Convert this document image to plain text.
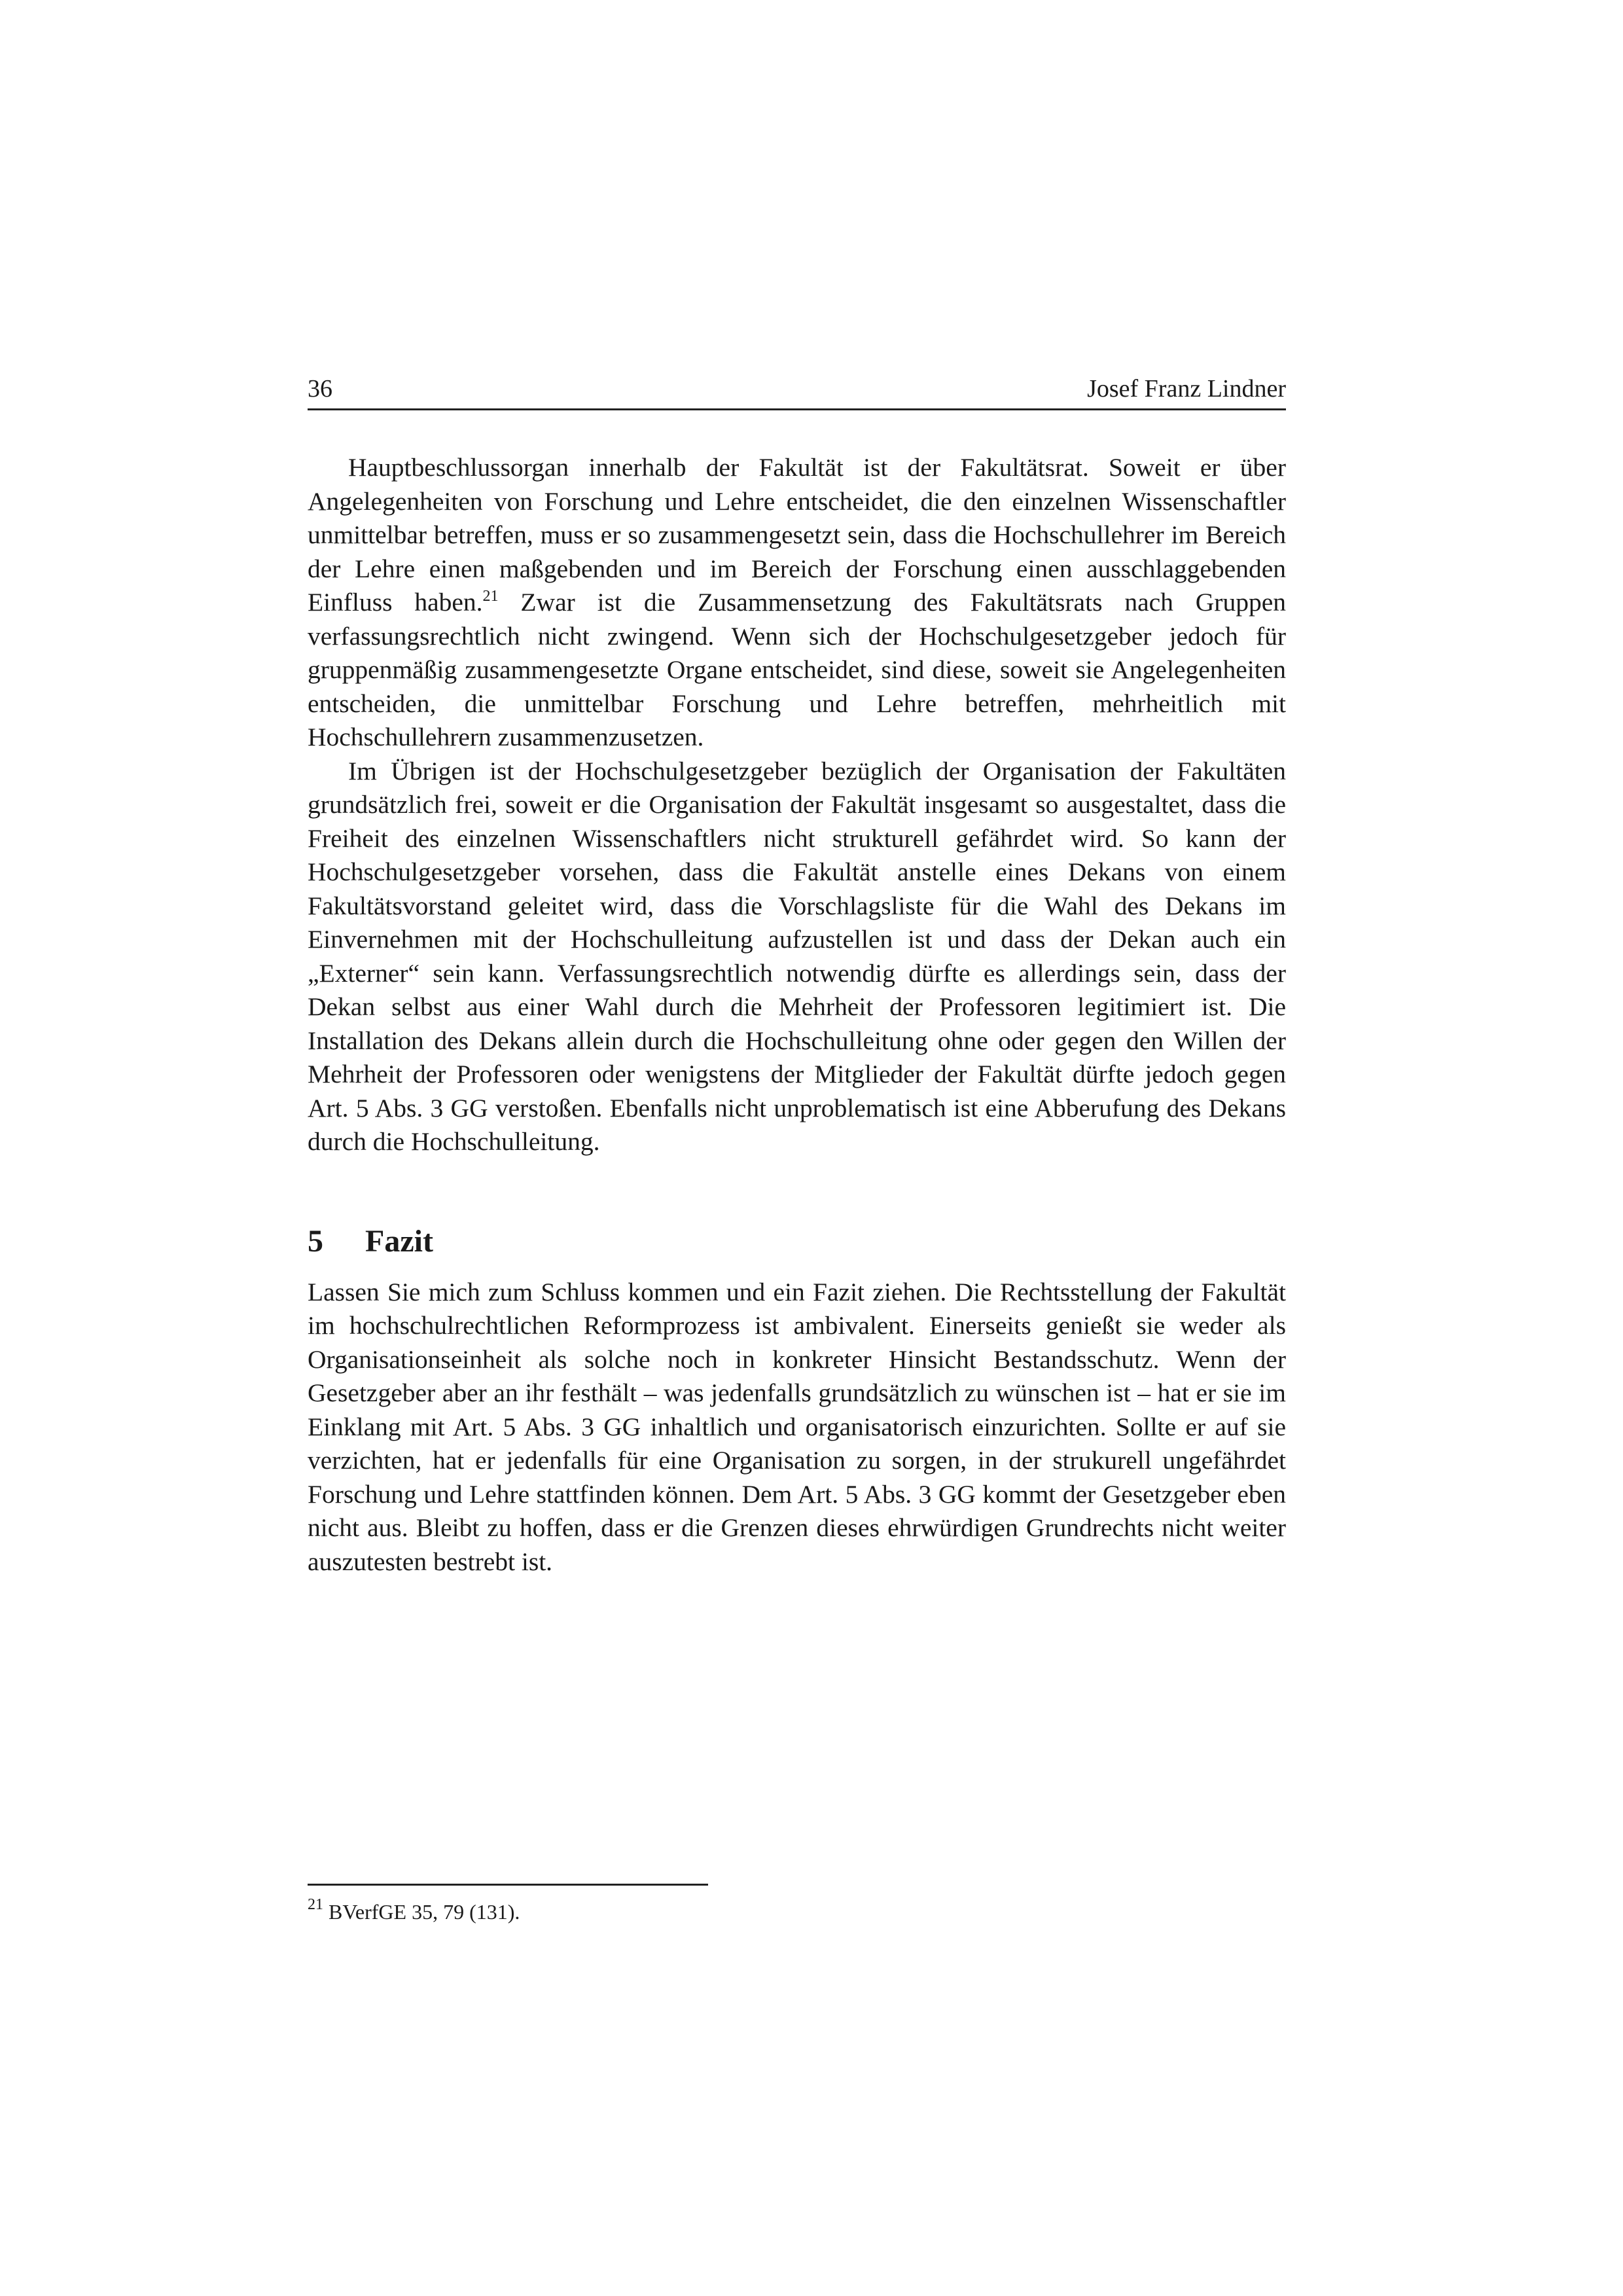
36	Josef Franz Lindner

Hauptbeschlussorgan innerhalb der Fakultät ist der Fakultätsrat. Soweit er über Angelegenheiten von Forschung und Lehre entscheidet, die den einzelnen Wissenschaftler unmittelbar betreffen, muss er so zusammengesetzt sein, dass die Hochschullehrer im Bereich der Lehre einen maßgebenden und im Bereich der Forschung einen ausschlaggebenden Einfluss haben.$^{21}$ Zwar ist die Zusammensetzung des Fakultätsrats nach Gruppen verfassungsrechtlich nicht zwingend. Wenn sich der Hochschulgesetzgeber jedoch für gruppenmäßig zusammengesetzte Organe entscheidet, sind diese, soweit sie Angelegenheiten entscheiden, die unmittelbar Forschung und Lehre betreffen, mehrheitlich mit Hochschullehrern zusammenzusetzen.

Im Übrigen ist der Hochschulgesetzgeber bezüglich der Organisation der Fakultäten grundsätzlich frei, soweit er die Organisation der Fakultät insgesamt so ausgestaltet, dass die Freiheit des einzelnen Wissenschaftlers nicht strukturell gefährdet wird. So kann der Hochschulgesetzgeber vorsehen, dass die Fakultät anstelle eines Dekans von einem Fakultätsvorstand geleitet wird, dass die Vorschlagsliste für die Wahl des Dekans im Einvernehmen mit der Hochschulleitung aufzustellen ist und dass der Dekan auch ein „Externer“ sein kann. Verfassungsrechtlich notwendig dürfte es allerdings sein, dass der Dekan selbst aus einer Wahl durch die Mehrheit der Professoren legitimiert ist. Die Installation des Dekans allein durch die Hochschulleitung ohne oder gegen den Willen der Mehrheit der Professoren oder wenigstens der Mitglieder der Fakultät dürfte jedoch gegen Art. 5 Abs. 3 GG verstoßen. Ebenfalls nicht unproblematisch ist eine Abberufung des Dekans durch die Hochschulleitung.

5	Fazit

Lassen Sie mich zum Schluss kommen und ein Fazit ziehen. Die Rechtsstellung der Fakultät im hochschulrechtlichen Reformprozess ist ambivalent. Einerseits genießt sie weder als Organisationseinheit als solche noch in konkreter Hinsicht Bestandsschutz. Wenn der Gesetzgeber aber an ihr festhält – was jedenfalls grundsätzlich zu wünschen ist – hat er sie im Einklang mit Art. 5 Abs. 3 GG inhaltlich und organisatorisch einzurichten. Sollte er auf sie verzichten, hat er jedenfalls für eine Organisation zu sorgen, in der strukurell ungefährdet Forschung und Lehre stattfinden können. Dem Art. 5 Abs. 3 GG kommt der Gesetzgeber eben nicht aus. Bleibt zu hoffen, dass er die Grenzen dieses ehrwürdigen Grundrechts nicht weiter auszutesten bestrebt ist.

$^{21}$ BVerfGE 35, 79 (131).
